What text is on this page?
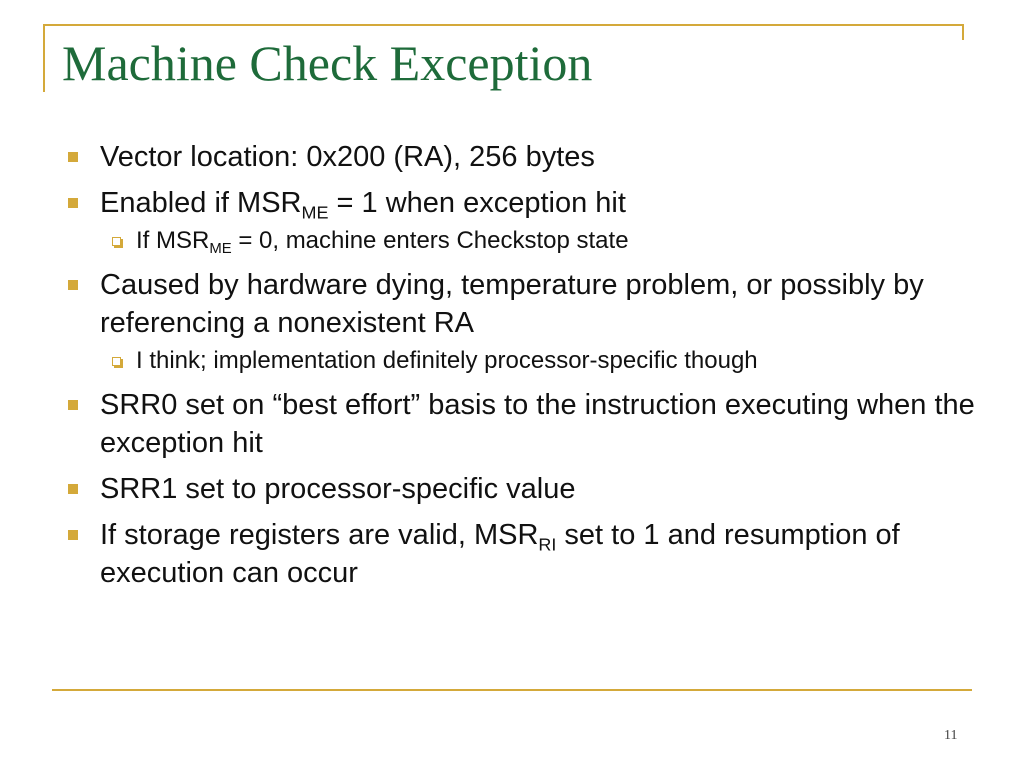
Machine Check Exception
Vector location: 0x200 (RA), 256 bytes
Enabled if $MSR_{ME} = 1$ when exception hit
If $MSR_{ME} = 0$, machine enters Checkstop state
Caused by hardware dying, temperature problem, or possibly by referencing a nonexistent RA
I think; implementation definitely processor-specific though
SRR0 set on “best effort” basis to the instruction executing when the exception hit
SRR1 set to processor-specific value
If storage registers are valid, $MSR_{RI}$ set to 1 and resumption of execution can occur
11
